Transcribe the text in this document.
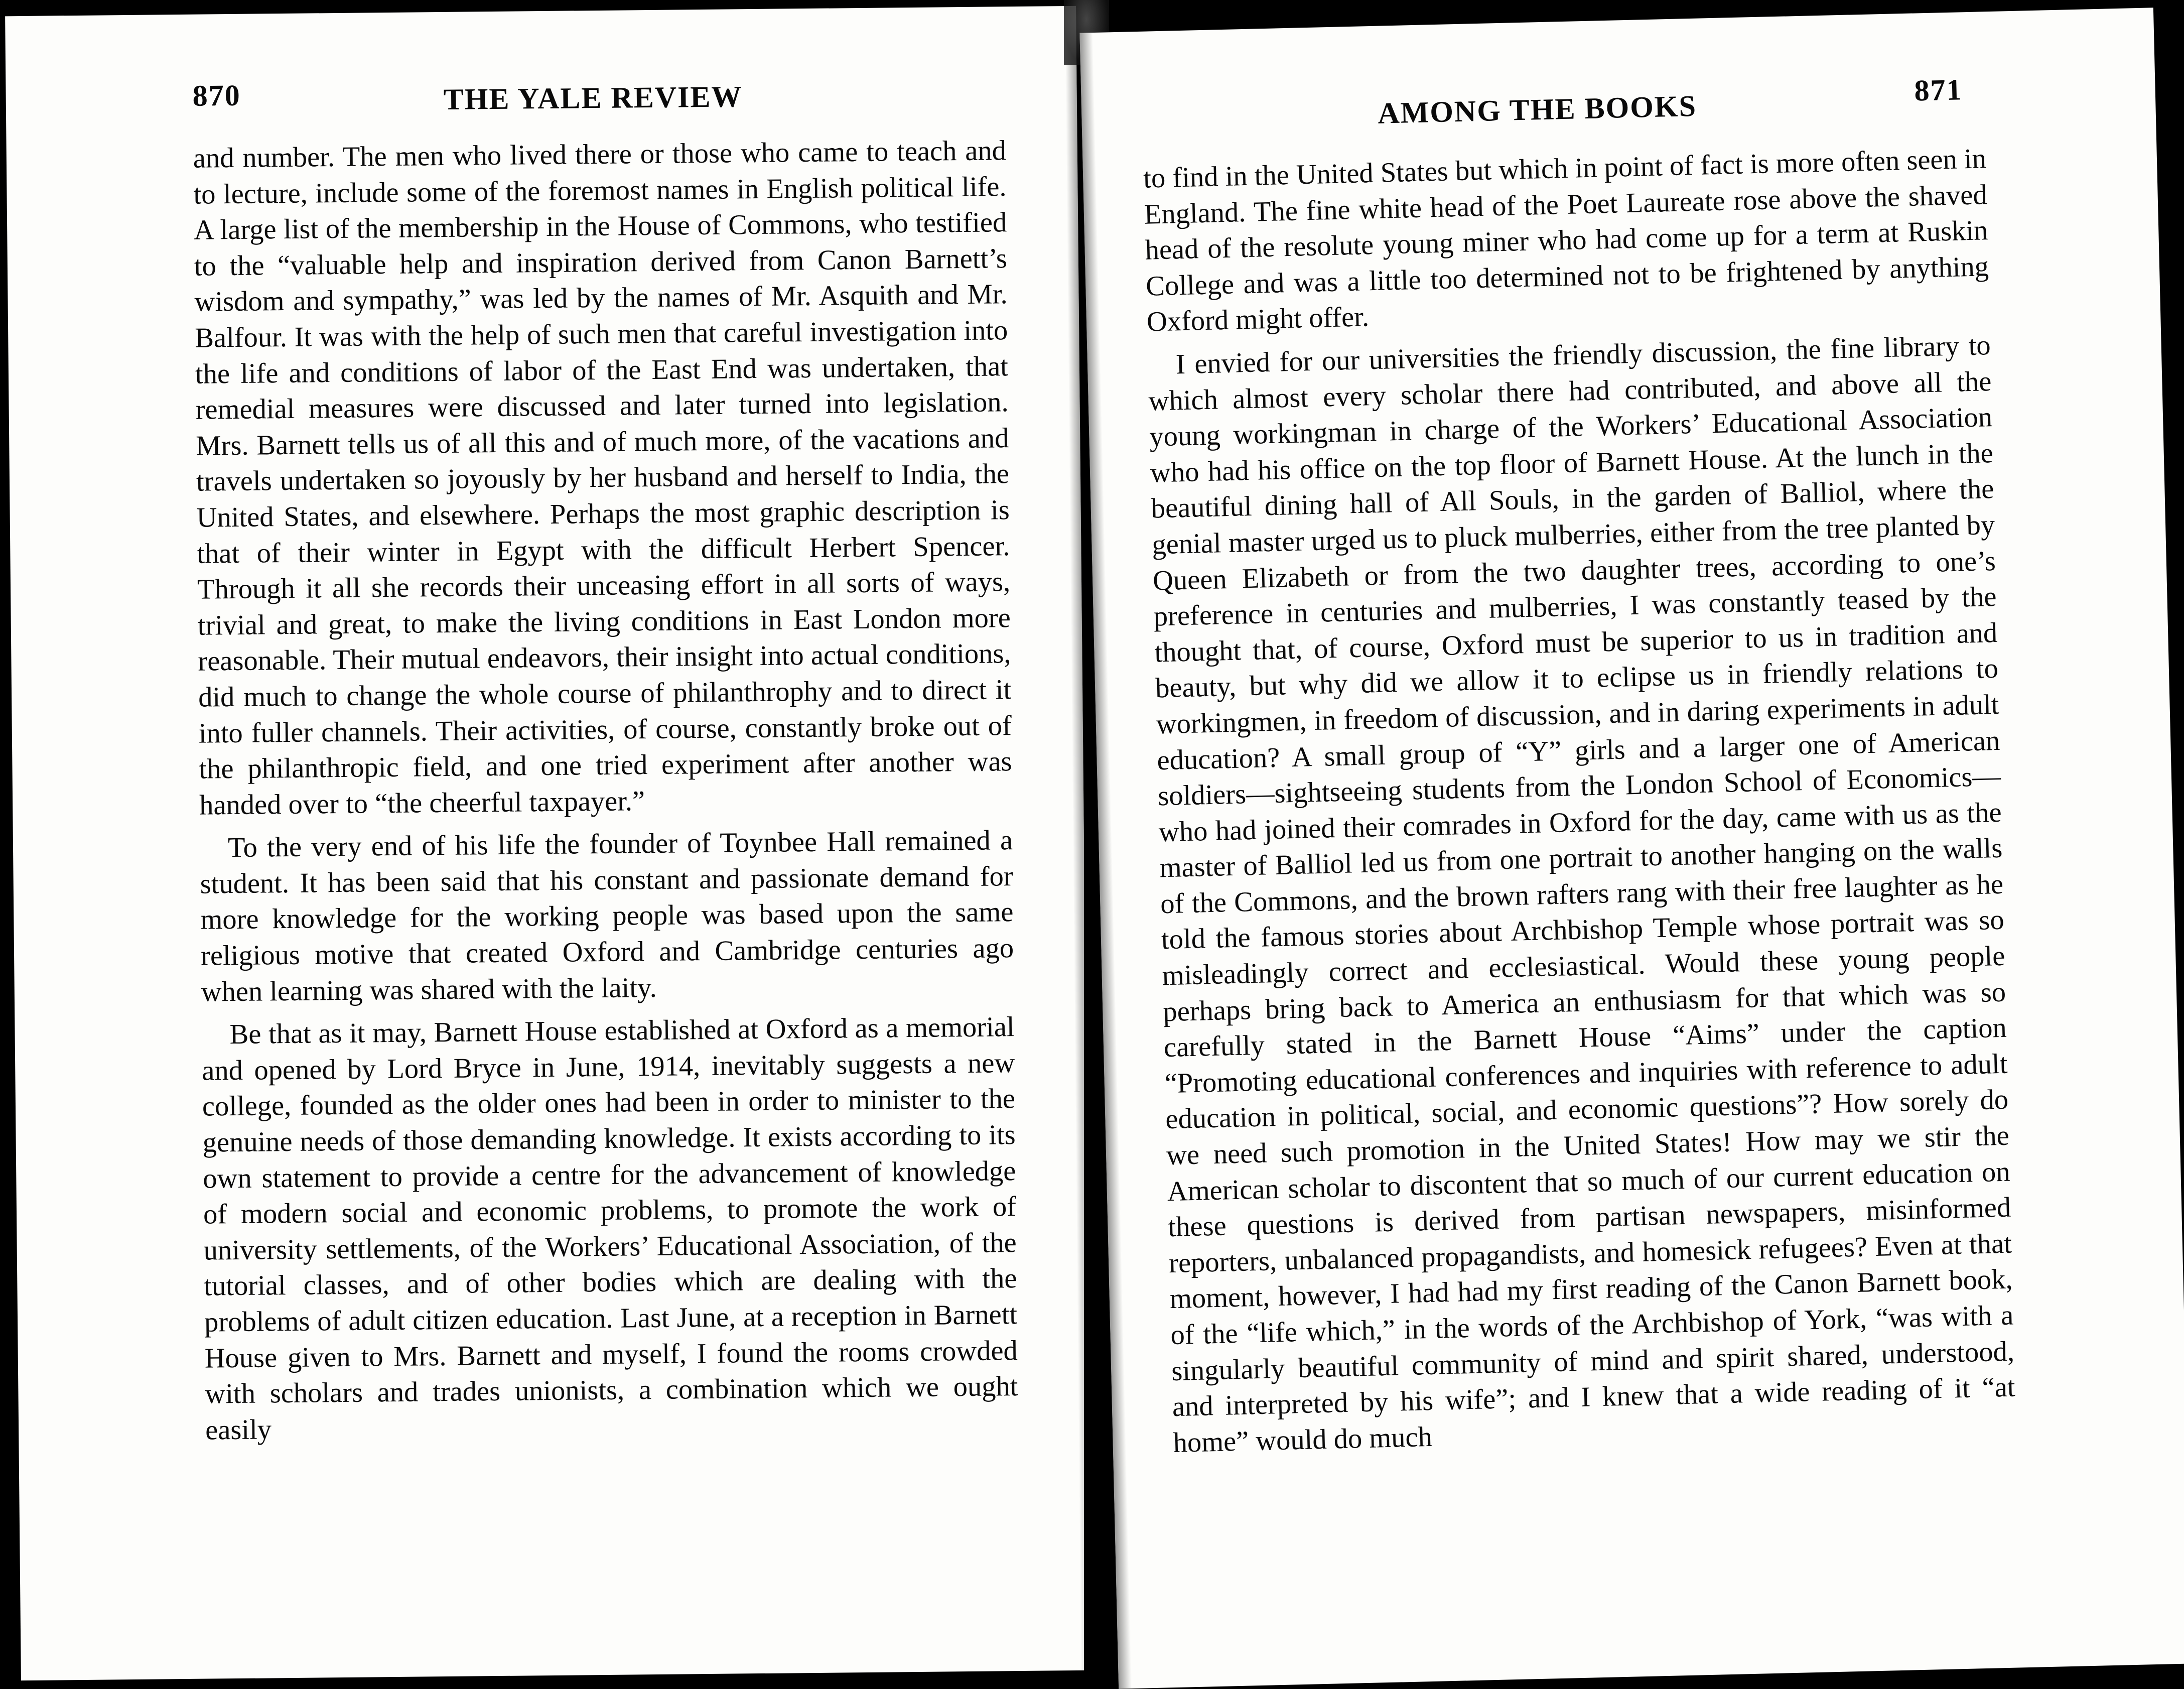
870	THE YALE REVIEW

and number. The men who lived there or those who came to teach and to lecture, include some of the foremost names in English political life. A large list of the membership in the House of Commons, who testified to the “valuable help and inspiration derived from Canon Barnett’s wisdom and sympathy,” was led by the names of Mr. Asquith and Mr. Balfour. It was with the help of such men that careful investigation into the life and conditions of labor of the East End was undertaken, that remedial measures were discussed and later turned into legislation. Mrs. Barnett tells us of all this and of much more, of the vacations and travels undertaken so joyously by her husband and herself to India, the United States, and elsewhere. Perhaps the most graphic description is that of their winter in Egypt with the difficult Herbert Spencer. Through it all she records their unceasing effort in all sorts of ways, trivial and great, to make the living conditions in East London more reasonable. Their mutual endeavors, their insight into actual conditions, did much to change the whole course of philanthrophy and to direct it into fuller channels. Their activities, of course, constantly broke out of the philanthropic field, and one tried experiment after another was handed over to “the cheerful taxpayer.”

To the very end of his life the founder of Toynbee Hall remained a student. It has been said that his constant and passionate demand for more knowledge for the working people was based upon the same religious motive that created Oxford and Cambridge centuries ago when learning was shared with the laity.

Be that as it may, Barnett House established at Oxford as a memorial and opened by Lord Bryce in June, 1914, inevitably suggests a new college, founded as the older ones had been in order to minister to the genuine needs of those demanding knowledge. It exists according to its own statement to provide a centre for the advancement of knowledge of modern social and economic problems, to promote the work of university settlements, of the Workers’ Educational Association, of the tutorial classes, and of other bodies which are dealing with the problems of adult citizen education. Last June, at a reception in Barnett House given to Mrs. Barnett and myself, I found the rooms crowded with scholars and trades unionists, a combination which we ought easily

AMONG THE BOOKS	871

to find in the United States but which in point of fact is more often seen in England. The fine white head of the Poet Laureate rose above the shaved head of the resolute young miner who had come up for a term at Ruskin College and was a little too determined not to be frightened by anything Oxford might offer.

I envied for our universities the friendly discussion, the fine library to which almost every scholar there had contributed, and above all the young workingman in charge of the Workers’ Educational Association who had his office on the top floor of Barnett House. At the lunch in the beautiful dining hall of All Souls, in the garden of Balliol, where the genial master urged us to pluck mulberries, either from the tree planted by Queen Elizabeth or from the two daughter trees, according to one’s preference in centuries and mulberries, I was constantly teased by the thought that, of course, Oxford must be superior to us in tradition and beauty, but why did we allow it to eclipse us in friendly relations to workingmen, in freedom of discussion, and in daring experiments in adult education? A small group of “Y” girls and a larger one of American soldiers—sightseeing students from the London School of Economics—who had joined their comrades in Oxford for the day, came with us as the master of Balliol led us from one portrait to another hanging on the walls of the Commons, and the brown rafters rang with their free laughter as he told the famous stories about Archbishop Temple whose portrait was so misleadingly correct and ecclesiastical. Would these young people perhaps bring back to America an enthusiasm for that which was so carefully stated in the Barnett House “Aims” under the caption “Promoting educational conferences and inquiries with reference to adult education in political, social, and economic questions”? How sorely do we need such promotion in the United States! How may we stir the American scholar to discontent that so much of our current education on these questions is derived from partisan newspapers, misinformed reporters, unbalanced propagandists, and homesick refugees? Even at that moment, however, I had had my first reading of the Canon Barnett book, of the “life which,” in the words of the Archbishop of York, “was with a singularly beautiful community of mind and spirit shared, understood, and interpreted by his wife”; and I knew that a wide reading of it “at home” would do much
